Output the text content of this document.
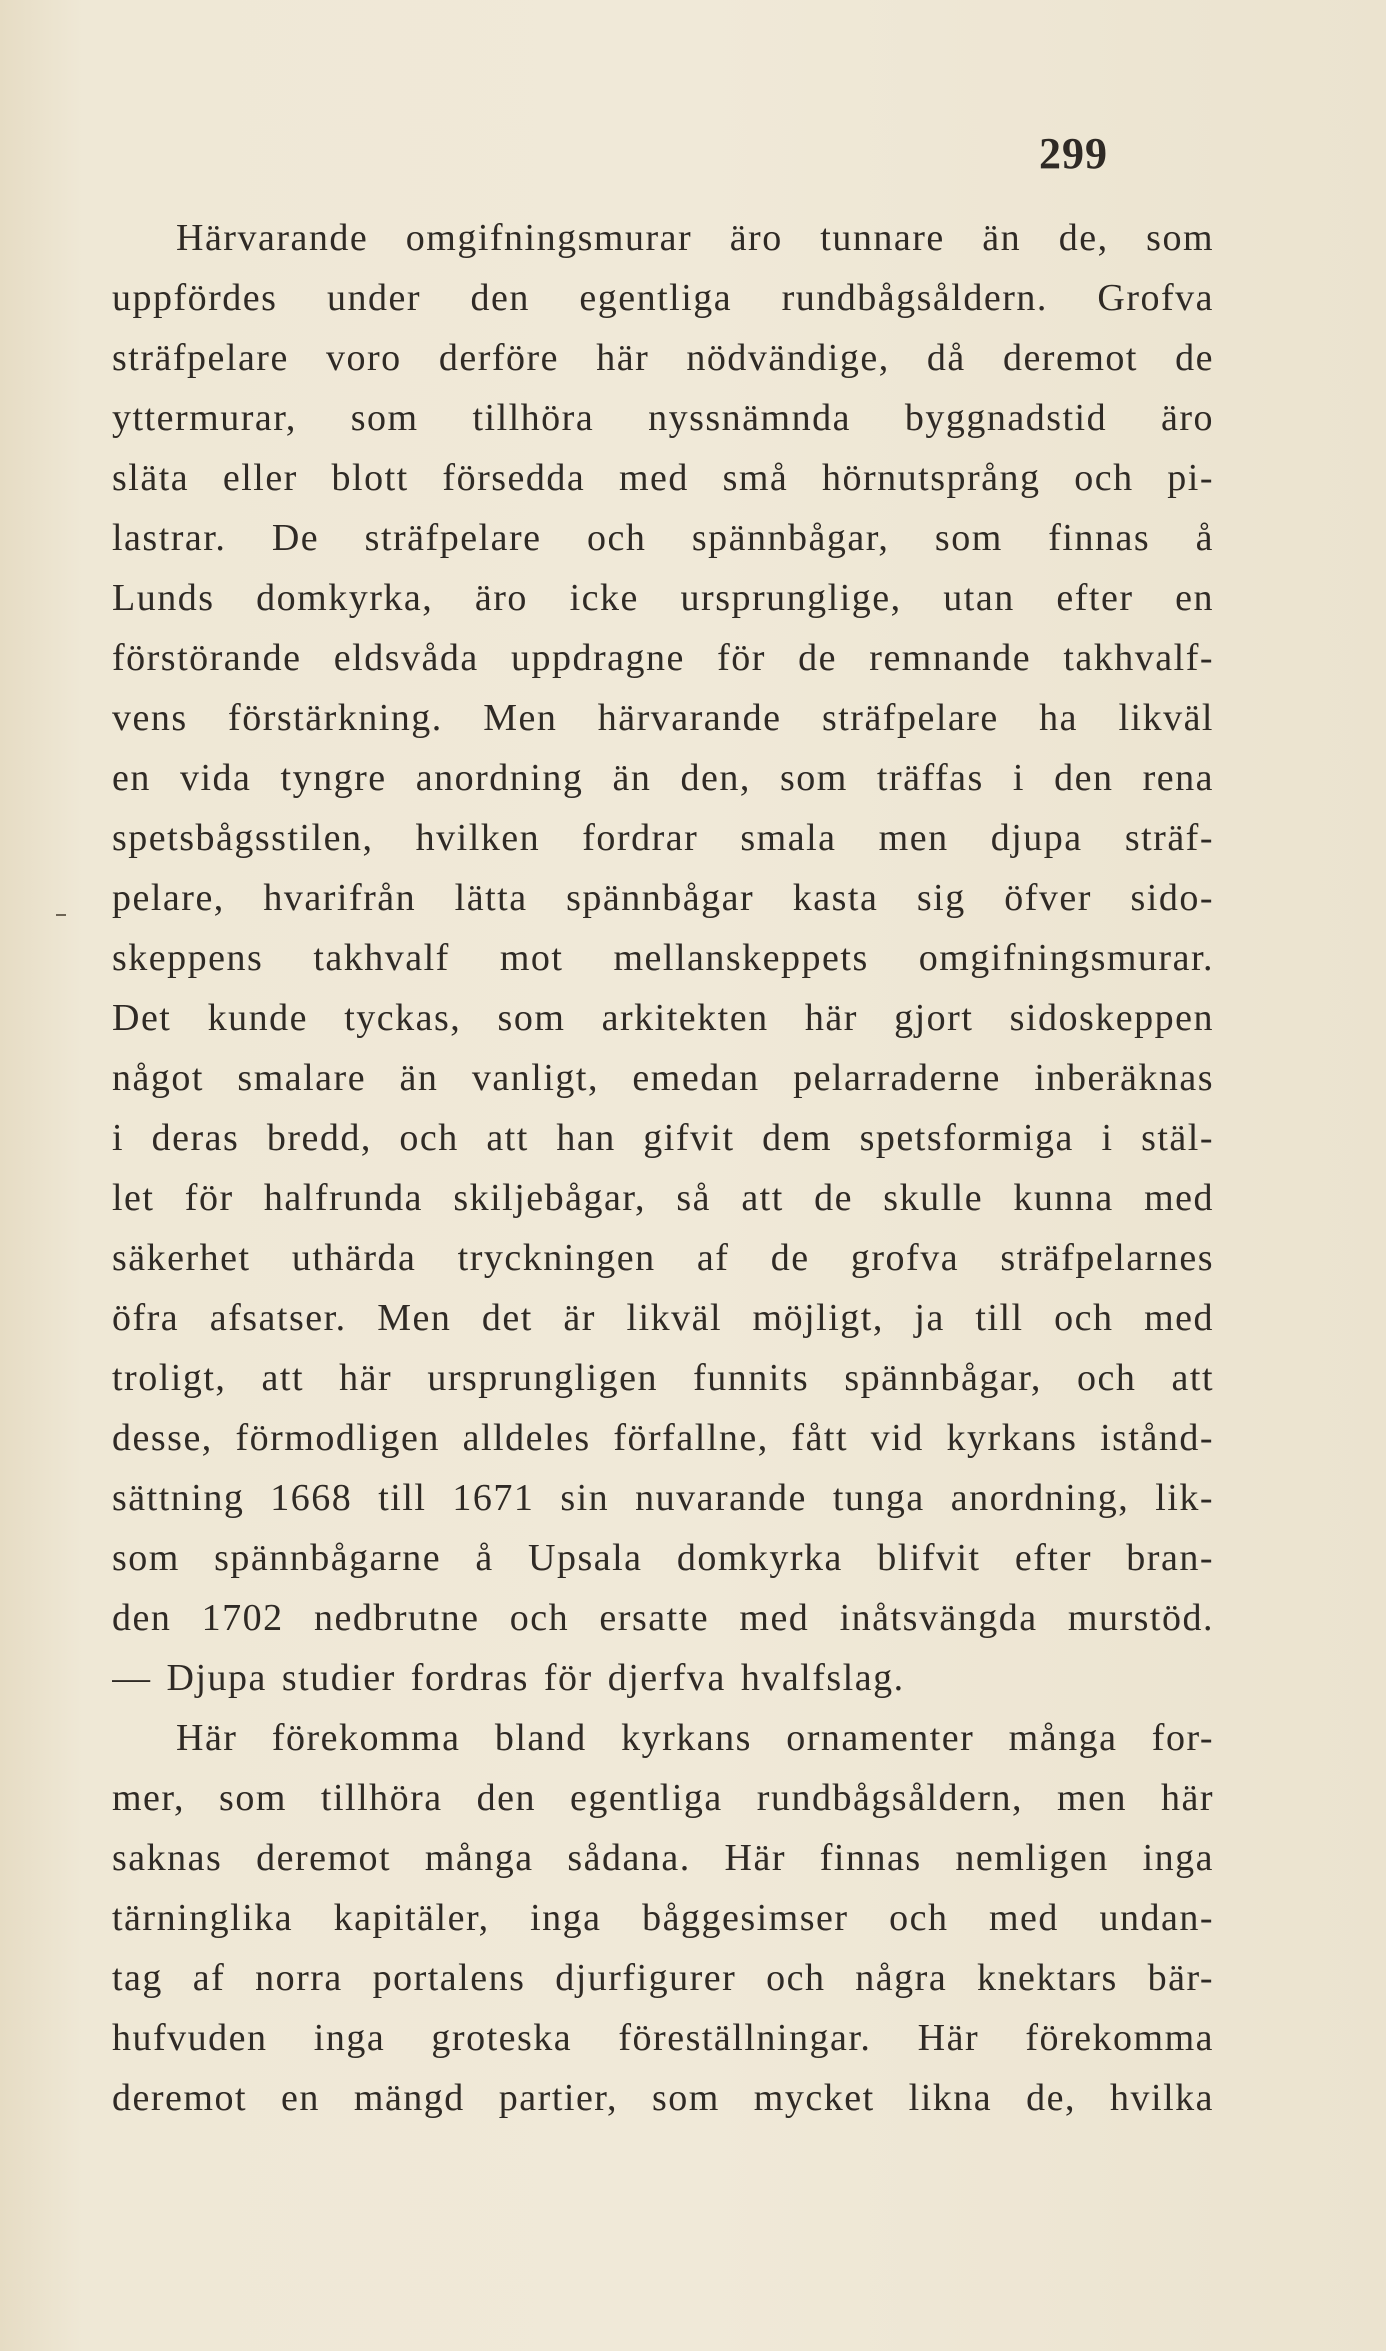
299
Härvarande omgifningsmurar äro tunnare än de, som
uppfördes under den egentliga rundbågsåldern. Grofva
sträfpelare voro derföre här nödvändige, då deremot de
yttermurar, som tillhöra nyssnämnda byggnadstid äro
släta eller blott försedda med små hörnutsprång och pi-
lastrar. De sträfpelare och spännbågar, som finnas å
Lunds domkyrka, äro icke ursprunglige, utan efter en
förstörande eldsvåda uppdragne för de remnande takhvalf-
vens förstärkning. Men härvarande sträfpelare ha likväl
en vida tyngre anordning än den, som träffas i den rena
spetsbågsstilen, hvilken fordrar smala men djupa sträf-
pelare, hvarifrån lätta spännbågar kasta sig öfver sido-
skeppens takhvalf mot mellanskeppets omgifningsmurar.
Det kunde tyckas, som arkitekten här gjort sidoskeppen
något smalare än vanligt, emedan pelarraderne inberäknas
i deras bredd, och att han gifvit dem spetsformiga i stäl-
let för halfrunda skiljebågar, så att de skulle kunna med
säkerhet uthärda tryckningen af de grofva sträfpelarnes
öfra afsatser. Men det är likväl möjligt, ja till och med
troligt, att här ursprungligen funnits spännbågar, och att
desse, förmodligen alldeles förfallne, fått vid kyrkans istånd-
sättning 1668 till 1671 sin nuvarande tunga anordning, lik-
som spännbågarne å Upsala domkyrka blifvit efter bran-
den 1702 nedbrutne och ersatte med inåtsvängda murstöd.
— Djupa studier fordras för djerfva hvalfslag.
Här förekomma bland kyrkans ornamenter många for-
mer, som tillhöra den egentliga rundbågsåldern, men här
saknas deremot många sådana. Här finnas nemligen inga
tärninglika kapitäler, inga båggesimser och med undan-
tag af norra portalens djurfigurer och några knektars bär-
hufvuden inga groteska föreställningar. Här förekomma
deremot en mängd partier, som mycket likna de, hvilka
